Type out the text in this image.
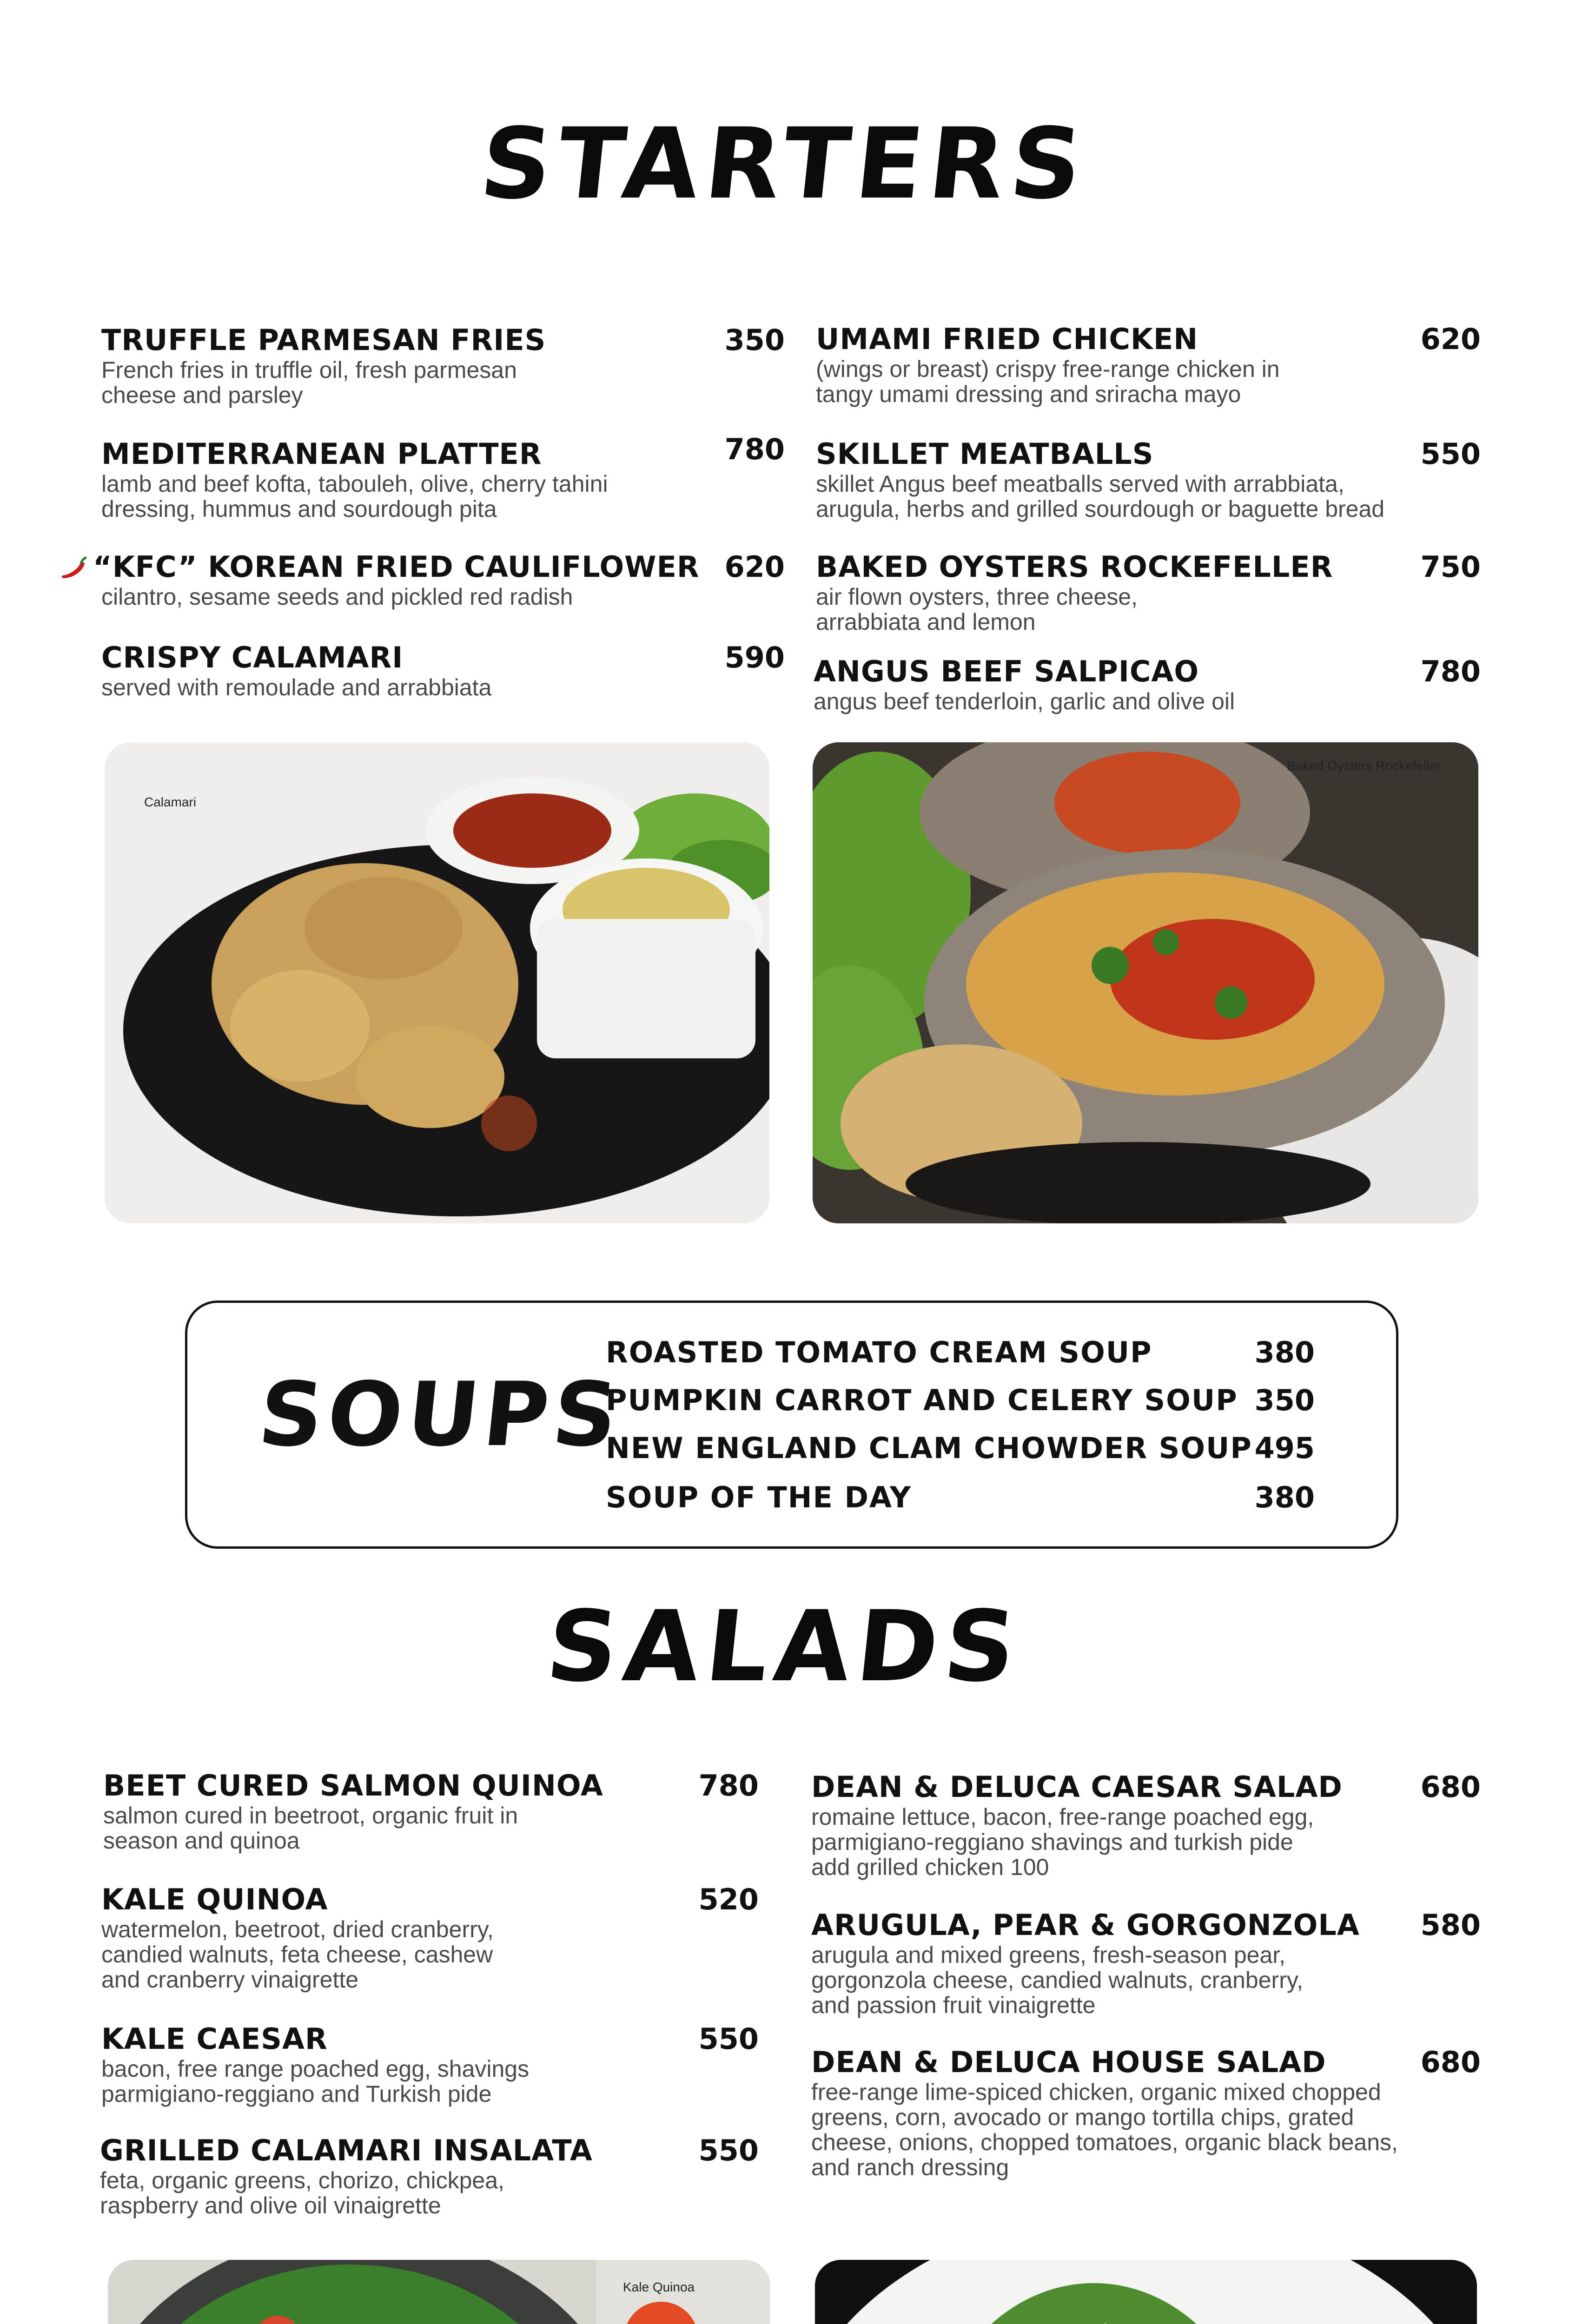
STARTERS
TRUFFLE PARMESAN FRIES
French fries in truffle oil, fresh parmesan
cheese and parsley
350
MEDITERRANEAN PLATTER
lamb and beef kofta, tabouleh, olive, cherry tahini
dressing, hummus and sourdough pita
780
“KFC” KOREAN FRIED CAULIFLOWER
cilantro, sesame seeds and pickled red radish
620
CRISPY CALAMARI
served with remoulade and arrabbiata
590
UMAMI FRIED CHICKEN
(wings or breast) crispy free-range chicken in
tangy umami dressing and sriracha mayo
620
SKILLET MEATBALLS
skillet Angus beef meatballs served with arrabbiata,
arugula, herbs and grilled sourdough or baguette bread
550
BAKED OYSTERS ROCKEFELLER
air flown oysters, three cheese,
arrabbiata and lemon
750
ANGUS BEEF SALPICAO
angus beef tenderloin, garlic and olive oil
780
Calamari
Baked Oysters Rockefeller
SOUPS
ROASTED TOMATO CREAM SOUP	380
PUMPKIN CARROT AND CELERY SOUP 350
NEW ENGLAND CLAM CHOWDER SOUP 495
SOUP OF THE DAY	380
SALADS
BEET CURED SALMON QUINOA
salmon cured in beetroot, organic fruit in
season and quinoa
780
KALE QUINOA
watermelon, beetroot, dried cranberry,
candied walnuts, feta cheese, cashew
and cranberry vinaigrette
520
KALE CAESAR
bacon, free range poached egg, shavings
parmigiano-reggiano and Turkish pide
550
GRILLED CALAMARI INSALATA
feta, organic greens, chorizo, chickpea,
raspberry and olive oil vinaigrette
550
DEAN & DELUCA CAESAR SALAD
romaine lettuce, bacon, free-range poached egg,
parmigiano-reggiano shavings and turkish pide
add grilled chicken 100
680
ARUGULA, PEAR & GORGONZOLA
arugula and mixed greens, fresh-season pear,
gorgonzola cheese, candied walnuts, cranberry,
and passion fruit vinaigrette
580
DEAN & DELUCA HOUSE SALAD
free-range lime-spiced chicken, organic mixed chopped
greens, corn, avocado or mango tortilla chips, grated
cheese, onions, chopped tomatoes, organic black beans,
and ranch dressing
680
Kale Quinoa
